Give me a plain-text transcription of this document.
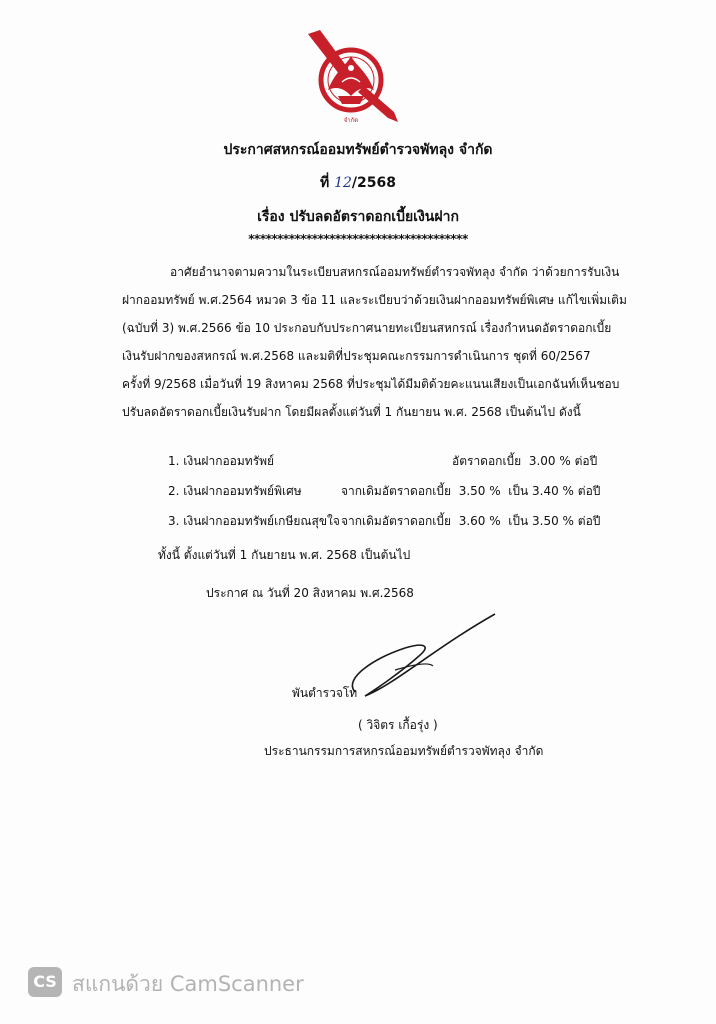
จำกัด
ประกาศสหกรณ์ออมทรัพย์ตำรวจพัทลุง จำกัด
ที่ 12/2568
เรื่อง ปรับลดอัตราดอกเบี้ยเงินฝาก
**************************************
อาศัยอำนาจตามความในระเบียบสหกรณ์ออมทรัพย์ตำรวจพัทลุง จำกัด ว่าด้วยการรับเงิน
ฝากออมทรัพย์ พ.ศ.2564 หมวด 3 ข้อ 11 และระเบียบว่าด้วยเงินฝากออมทรัพย์พิเศษ แก้ไขเพิ่มเติม
(ฉบับที่ 3) พ.ศ.2566 ข้อ 10 ประกอบกับประกาศนายทะเบียนสหกรณ์ เรื่องกำหนดอัตราดอกเบี้ย
เงินรับฝากของสหกรณ์ พ.ศ.2568 และมติที่ประชุมคณะกรรมการดำเนินการ ชุดที่ 60/2567
ครั้งที่ 9/2568 เมื่อวันที่ 19 สิงหาคม 2568 ที่ประชุมได้มีมติด้วยคะแนนเสียงเป็นเอกฉันท์เห็นชอบ
ปรับลดอัตราดอกเบี้ยเงินรับฝาก โดยมีผลตั้งแต่วันที่ 1 กันยายน พ.ศ. 2568 เป็นต้นไป ดังนี้
1. เงินฝากออมทรัพย์	อัตราดอกเบี้ย 3.00 % ต่อปี
2. เงินฝากออมทรัพย์พิเศษ	จากเดิมอัตราดอกเบี้ย 3.50 % เป็น 3.40 % ต่อปี
3. เงินฝากออมทรัพย์เกษียณสุขใจ จากเดิมอัตราดอกเบี้ย 3.60 % เป็น 3.50 % ต่อปี
ทั้งนี้ ตั้งแต่วันที่ 1 กันยายน พ.ศ. 2568 เป็นต้นไป
ประกาศ ณ วันที่ 20 สิงหาคม พ.ศ.2568
พันตำรวจโท
( วิจิตร เกื้อรุ่ง )
ประธานกรรมการสหกรณ์ออมทรัพย์ตำรวจพัทลุง จำกัด
CS สแกนด้วย CamScanner
